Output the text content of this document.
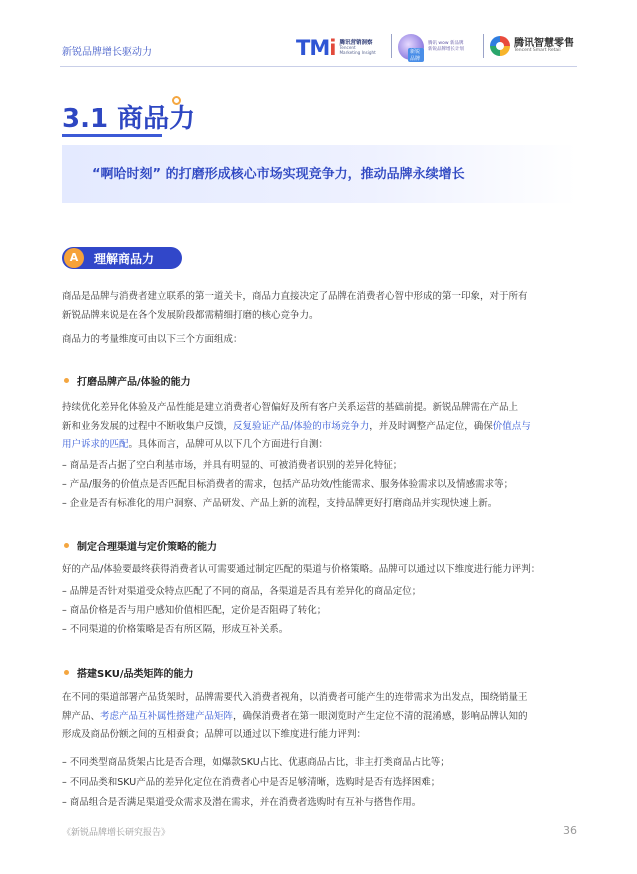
新锐品牌增长驱动力	TMi 腾讯营销洞察
Tencent
Marketing Insight	新锐品牌
腾讯 wow 新品牌
新锐品牌增长计划
腾讯智慧零售
Tencent Smart Retail
3.1 商品力
“啊哈时刻” 的打磨形成核心市场实现竞争力，推动品牌永续增长
A	理解商品力
商品是品牌与消费者建立联系的第一道关卡，商品力直接决定了品牌在消费者心智中形成的第一印象，对于所有
新锐品牌来说是在各个发展阶段都需精细打磨的核心竞争力。
商品力的考量维度可由以下三个方面组成：
打磨品牌产品/体验的能力
持续优化差异化体验及产品性能是建立消费者心智偏好及所有客户关系运营的基础前提。新锐品牌需在产品上
新和业务发展的过程中不断收集户反馈，反复验证产品/体验的市场竞争力，并及时调整产品定位，确保价值点与
用户诉求的匹配。具体而言，品牌可从以下几个方面进行自测：
– 商品是否占据了空白利基市场，并具有明显的、可被消费者识别的差异化特征；
– 产品/服务的价值点是否匹配目标消费者的需求，包括产品功效/性能需求、服务体验需求以及情感需求等；
– 企业是否有标准化的用户洞察、产品研发、产品上新的流程，支持品牌更好打磨商品并实现快速上新。
制定合理渠道与定价策略的能力
好的产品/体验要最终获得消费者认可需要通过制定匹配的渠道与价格策略。品牌可以通过以下维度进行能力评判：
– 品牌是否针对渠道受众特点匹配了不同的商品，各渠道是否具有差异化的商品定位；
– 商品价格是否与用户感知价值相匹配，定价是否阻碍了转化；
– 不同渠道的价格策略是否有所区隔，形成互补关系。
搭建SKU/品类矩阵的能力
在不同的渠道部署产品货架时，品牌需要代入消费者视角，以消费者可能产生的连带需求为出发点，围绕销量王
牌产品、考虑产品互补属性搭建产品矩阵，确保消费者在第一眼浏览时产生定位不清的混淆感，影响品牌认知的
形成及商品份额之间的互相蚕食；品牌可以通过以下维度进行能力评判：
– 不同类型商品货架占比是否合理，如爆款SKU占比、优惠商品占比，非主打类商品占比等；
– 不同品类和SKU产品的差异化定位在消费者心中是否足够清晰，选购时是否有选择困难；
– 商品组合是否满足渠道受众需求及潜在需求，并在消费者选购时有互补与搭售作用。
《新锐品牌增长研究报告》	36
